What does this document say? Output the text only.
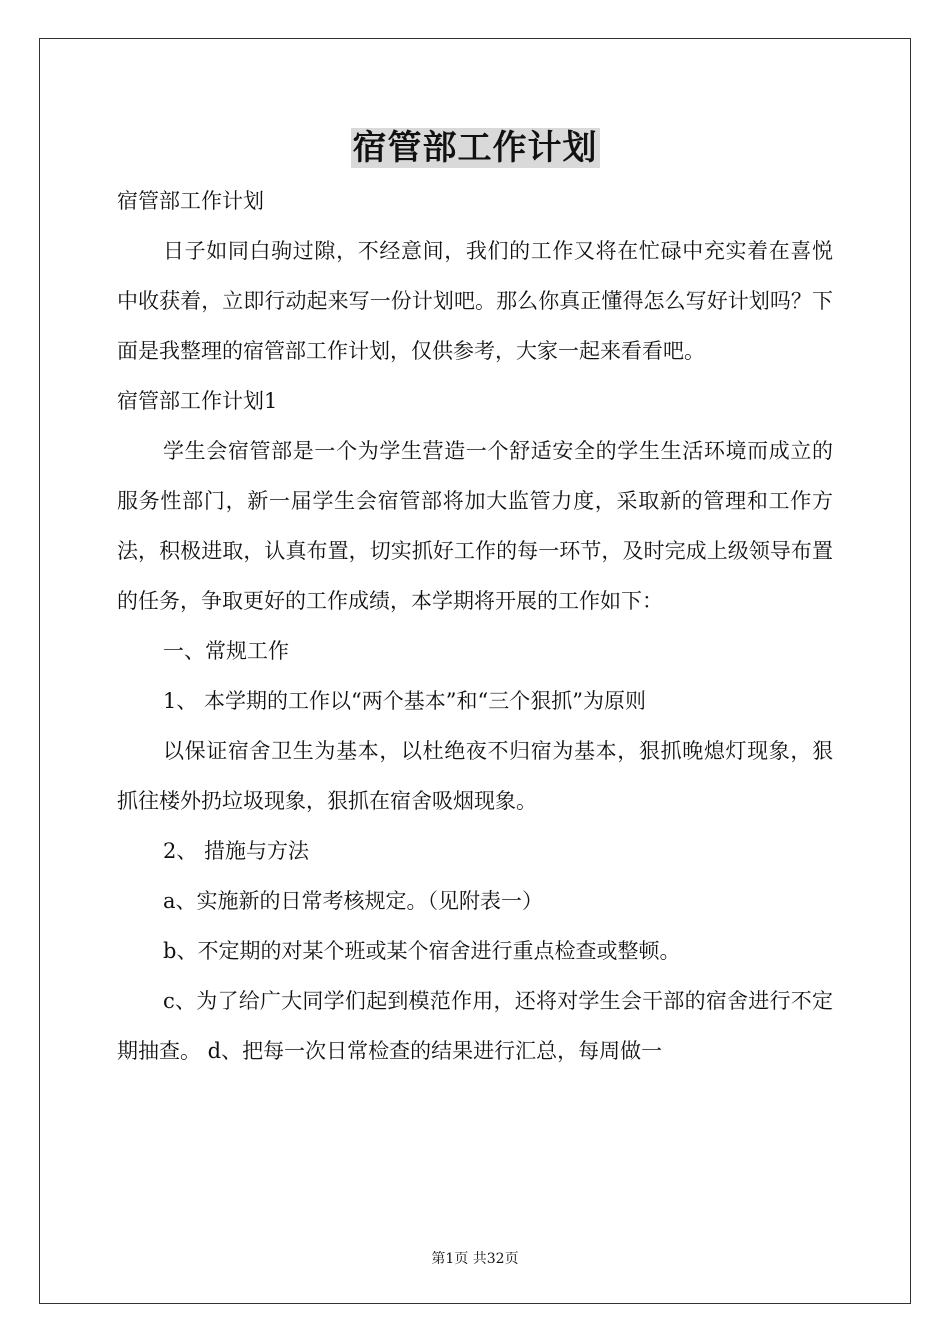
宿管部工作计划

宿管部工作计划

日子如同白驹过隙，不经意间，我们的工作又将在忙碌中充实着在喜悦中收获着，立即行动起来写一份计划吧。那么你真正懂得怎么写好计划吗？下面是我整理的宿管部工作计划，仅供参考，大家一起来看看吧。

宿管部工作计划1

学生会宿管部是一个为学生营造一个舒适安全的学生生活环境而成立的服务性部门，新一届学生会宿管部将加大监管力度，采取新的管理和工作方法，积极进取，认真布置，切实抓好工作的每一环节，及时完成上级领导布置的任务，争取更好的工作成绩，本学期将开展的工作如下：

一、常规工作

1、 本学期的工作以“两个基本”和“三个狠抓”为原则

以保证宿舍卫生为基本，以杜绝夜不归宿为基本，狠抓晚熄灯现象，狠抓往楼外扔垃圾现象，狠抓在宿舍吸烟现象。

2、 措施与方法

a、实施新的日常考核规定。（见附表一）

b、不定期的对某个班或某个宿舍进行重点检查或整顿。

c、为了给广大同学们起到模范作用，还将对学生会干部的宿舍进行不定期抽查。 d、把每一次日常检查的结果进行汇总，每周做一

第1页 共32页
